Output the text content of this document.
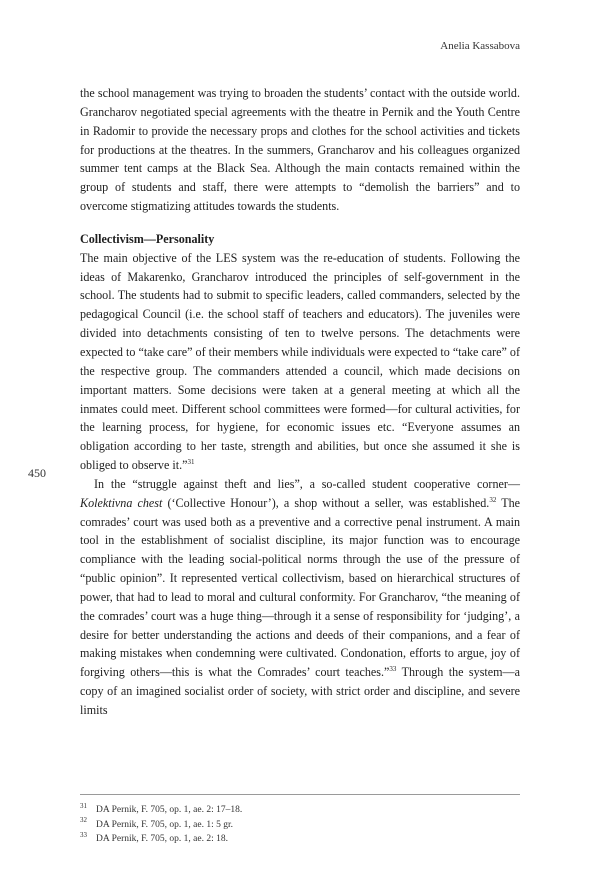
Anelia Kassabova
450

the school management was trying to broaden the students’ contact with the outside world. Grancharov negotiated special agreements with the theatre in Pernik and the Youth Centre in Radomir to provide the necessary props and clothes for the school activities and tickets for productions at the theatres. In the summers, Grancharov and his colleagues organized summer tent camps at the Black Sea. Although the main contacts remained within the group of students and staff, there were attempts to “demolish the barriers” and to overcome stigmatizing attitudes towards the students.

Collectivism—Personality

The main objective of the LES system was the re-education of students. Following the ideas of Makarenko, Grancharov introduced the principles of self-government in the school. The students had to submit to specific leaders, called commanders, selected by the pedagogical Council (i.e. the school staff of teachers and educators). The juveniles were divided into detachments consisting of ten to twelve persons. The detachments were expected to “take care” of their members while individuals were expected to “take care” of the respective group. The commanders attended a council, which made decisions on important matters. Some decisions were taken at a general meeting at which all the inmates could meet. Different school committees were formed—for cultural activities, for the learning process, for hygiene, for economic issues etc. “Everyone assumes an obligation according to her taste, strength and abilities, but once she assumed it she is obliged to observe it.”$^{31}$

In the “struggle against theft and lies”, a so-called student cooperative corner—Kolektivna chest (‘Collective Honour’), a shop without a seller, was established.$^{32}$ The comrades’ court was used both as a preventive and a corrective penal instrument. A main tool in the establishment of socialist discipline, its major function was to encourage compliance with the leading social-political norms through the use of the pressure of “public opinion”. It represented vertical collectivism, based on hierarchical structures of power, that had to lead to moral and cultural conformity. For Grancharov, “the meaning of the comrades’ court was a huge thing—through it a sense of responsibility for ‘judging’, a desire for better understanding the actions and deeds of their companions, and a fear of making mistakes when condemning were cultivated. Condonation, efforts to argue, joy of forgiving others—this is what the Comrades’ court teaches.”$^{33}$ Through the system—a copy of an imagined socialist order of society, with strict order and discipline, and severe limits

31 DA Pernik, F. 705, op. 1, ae. 2: 17–18.
32 DA Pernik, F. 705, op. 1, ae. 1: 5 gr.
33 DA Pernik, F. 705, op. 1, ae. 2: 18.
